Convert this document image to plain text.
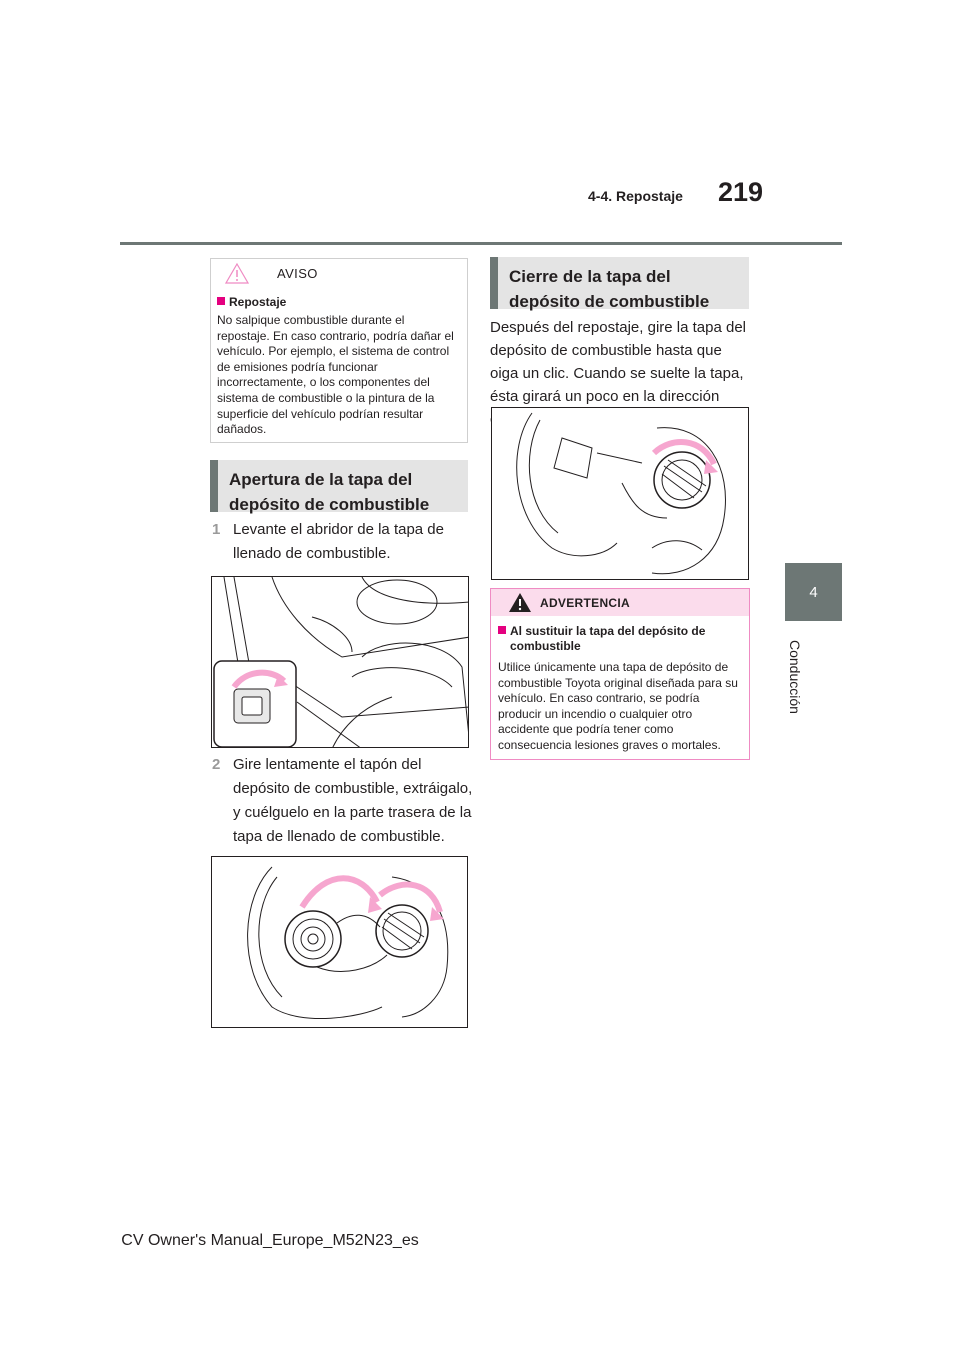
4-4. Repostaje 219
4
Conducción
AVISO
Repostaje
No salpique combustible durante el repostaje. En caso contrario, podría dañar el vehículo. Por ejemplo, el sistema de control de emisiones podría funcionar incorrectamente, o los componentes del sistema de combustible o la pintura de la superficie del vehículo podrían resultar dañados.
Apertura de la tapa del depósito de combustible
1 Levante el abridor de la tapa de llenado de combustible.
2 Gire lentamente el tapón del depósito de combustible, extráigalo, y cuélguelo en la parte trasera de la tapa de llenado de combustible.
Cierre de la tapa del depósito de combustible
Después del repostaje, gire la tapa del depósito de combustible hasta que oiga un clic. Cuando se suelte la tapa, ésta girará un poco en la dirección
ADVERTENCIA
Al sustituir la tapa del depósito de
combustible
Utilice únicamente una tapa de depósito de combustible Toyota original diseñada para su vehículo. En caso contrario, se podría producir un incendio o cualquier otro accidente que podría tener como consecuencia lesiones graves o mortales.
CV Owner's Manual_Europe_M52N23_es
